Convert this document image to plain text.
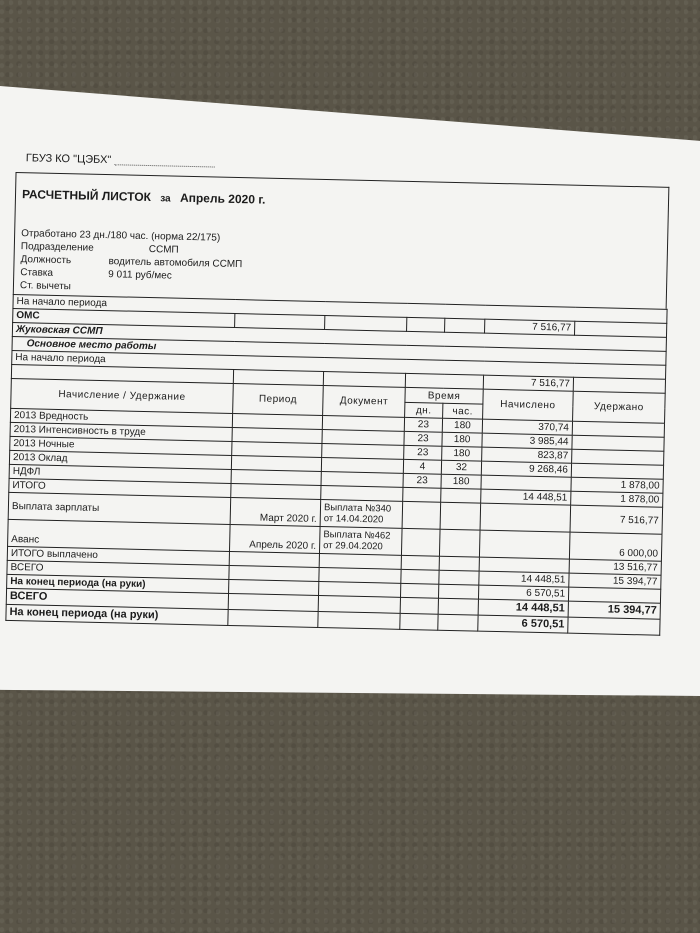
ГБУЗ КО "ЦЭБХ"
РАСЧЕТНЫЙ ЛИСТОК за Апрель 2020 г.
Отработано 23 дн./180 час. (норма 22/175)
Подразделение	ССМП
Должность	водитель автомобиля ССМП
Ставка	9 011 руб/мес
Ст. вычеты
На начало периода						
ОМС					7 516,77	
Жуковская ССМП						
Основное место работы						
На начало периода						
					7 516,77	
Начисление / Удержание	Период	Документ	Время		Начислено	Удержано
			дн.	час.		
2013 Вредность			23	180	370,74	
2013 Интенсивность в труде			23	180	3 985,44	
2013 Ночные			23	180	823,87	
2013 Оклад			4	32	9 268,46	
НДФЛ			23	180		1 878,00
ИТОГО					14 448,51	1 878,00
Выплата зарплаты	Март 2020 г.	Выплата №340
от 14.04.2020				7 516,77
Аванс	Апрель 2020 г.	Выплата №462
от 29.04.2020				6 000,00
ИТОГО выплачено						13 516,77
ВСЕГО					14 448,51	15 394,77
На конец периода (на руки)					6 570,51	
ВСЕГО					14 448,51	15 394,77
На конец периода (на руки)					6 570,51	
